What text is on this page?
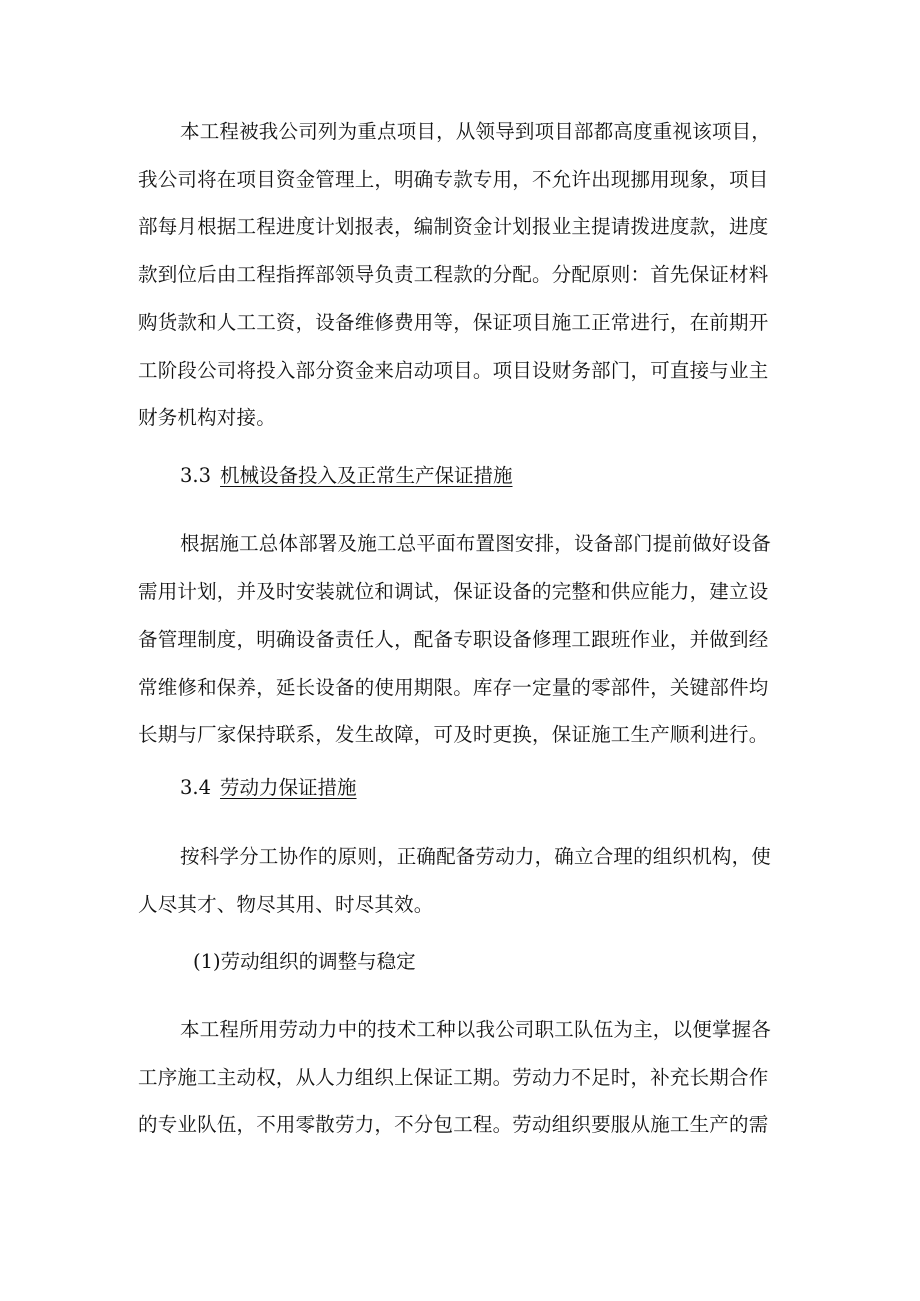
本工程被我公司列为重点项目，从领导到项目部都高度重视该项目，
我公司将在项目资金管理上，明确专款专用，不允许出现挪用现象，项目
部每月根据工程进度计划报表，编制资金计划报业主提请拨进度款，进度
款到位后由工程指挥部领导负责工程款的分配。分配原则：首先保证材料
购货款和人工工资，设备维修费用等，保证项目施工正常进行，在前期开
工阶段公司将投入部分资金来启动项目。项目设财务部门，可直接与业主
财务机构对接。
3.3 机械设备投入及正常生产保证措施
根据施工总体部署及施工总平面布置图安排，设备部门提前做好设备
需用计划，并及时安装就位和调试，保证设备的完整和供应能力，建立设
备管理制度，明确设备责任人，配备专职设备修理工跟班作业，并做到经
常维修和保养，延长设备的使用期限。库存一定量的零部件，关键部件均
长期与厂家保持联系，发生故障，可及时更换，保证施工生产顺利进行。
3.4 劳动力保证措施
按科学分工协作的原则，正确配备劳动力，确立合理的组织机构，使
人尽其才、物尽其用、时尽其效。
(1)劳动组织的调整与稳定
本工程所用劳动力中的技术工种以我公司职工队伍为主，以便掌握各
工序施工主动权，从人力组织上保证工期。劳动力不足时，补充长期合作
的专业队伍，不用零散劳力，不分包工程。劳动组织要服从施工生产的需
